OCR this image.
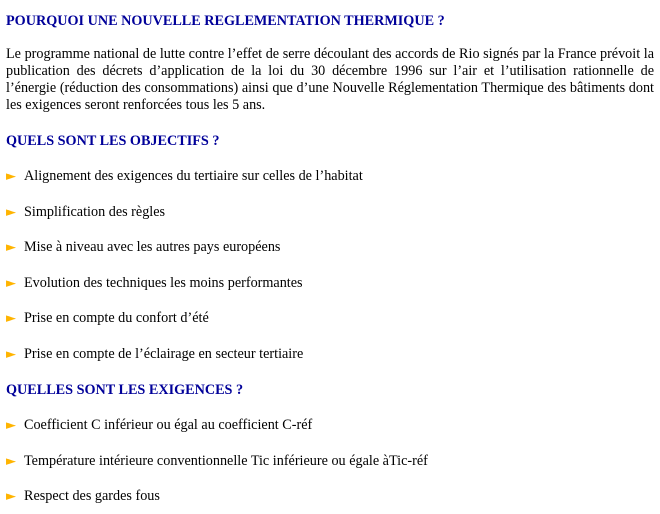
POURQUOI UNE NOUVELLE REGLEMENTATION THERMIQUE ?

Le programme national de lutte contre l’effet de serre découlant des accords de Rio signés par la France prévoit la publication des décrets d’application de la loi du 30 décembre 1996 sur l’air et l’utilisation rationnelle de l’énergie (réduction des consommations) ainsi que d’une Nouvelle Réglementation Thermique des bâtiments dont les exigences seront renforcées tous les 5 ans.

QUELS SONT LES OBJECTIFS ?
► Alignement des exigences du tertiaire sur celles de l’habitat
► Simplification des règles
► Mise à niveau avec les autres pays européens
► Evolution des techniques les moins performantes
► Prise en compte du confort d’été
► Prise en compte de l’éclairage en secteur tertiaire
QUELLES SONT LES EXIGENCES ?
► Coefficient C inférieur ou égal au coefficient C-réf
► Température intérieure conventionnelle Tic inférieure ou égale àTic-réf
► Respect des gardes fous
